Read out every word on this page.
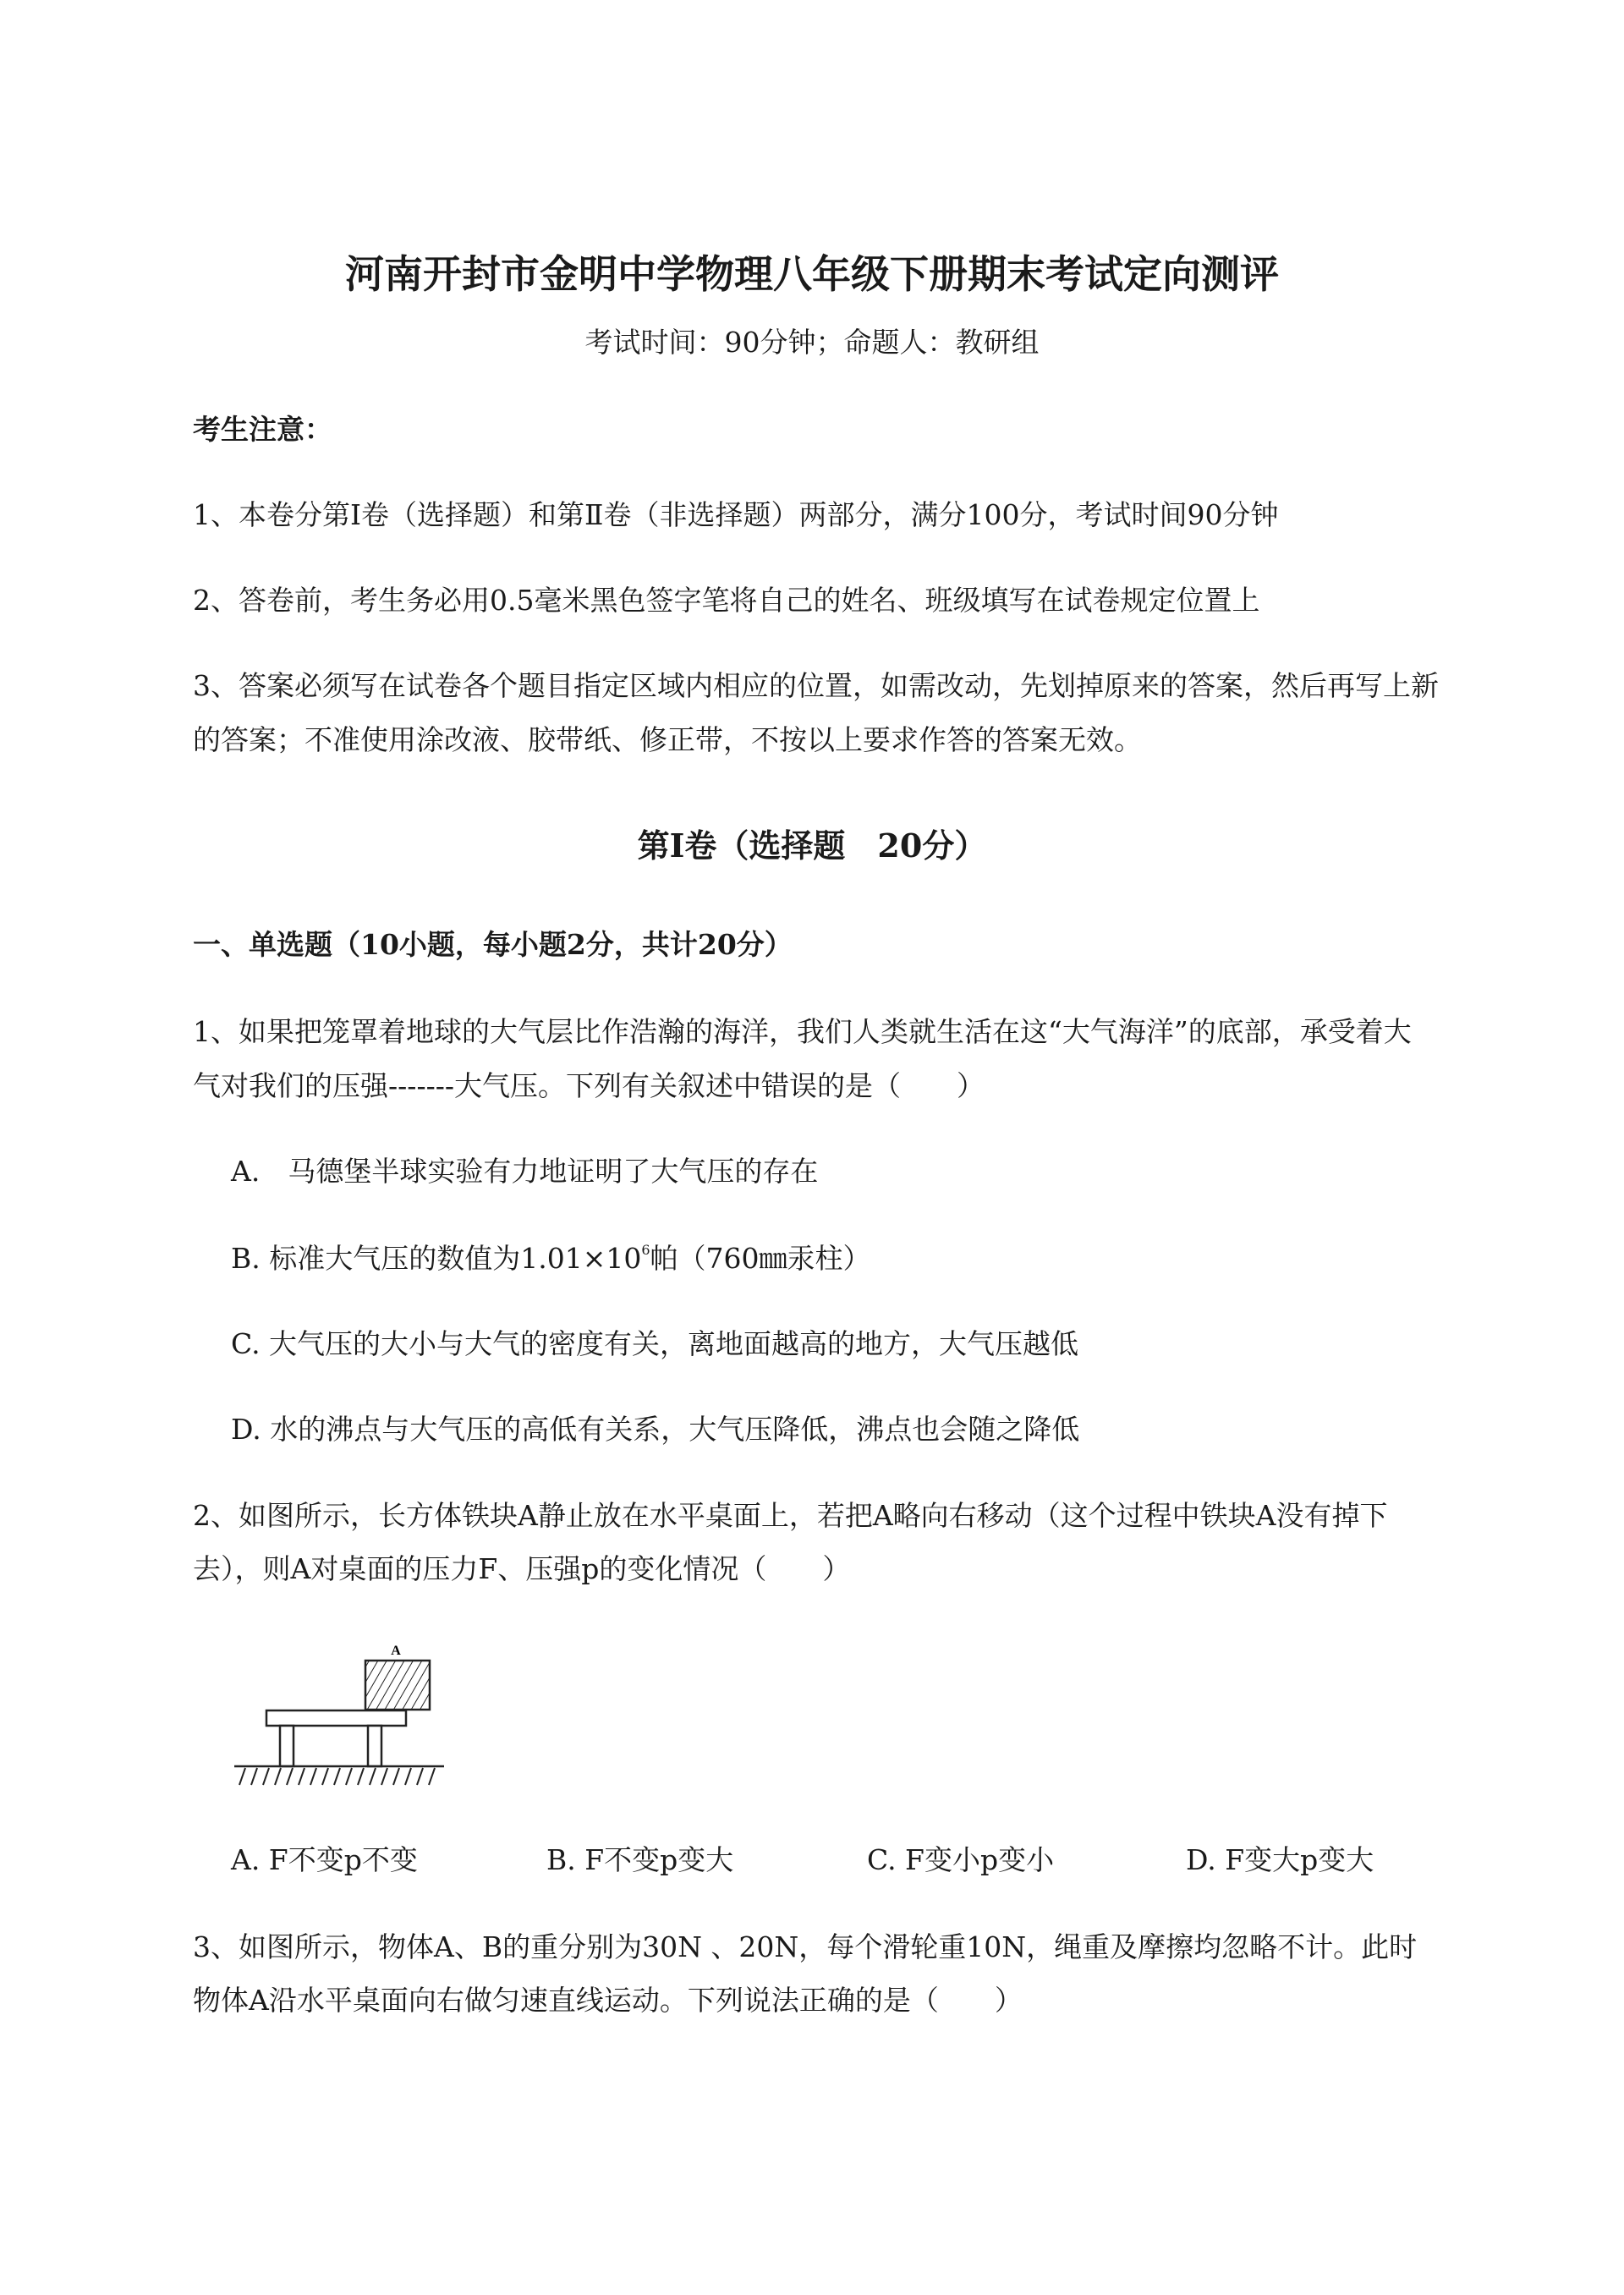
河南开封市金明中学物理八年级下册期末考试定向测评
考试时间：90分钟；命题人：教研组
考生注意：
1、本卷分第Ⅰ卷（选择题）和第Ⅱ卷（非选择题）两部分，满分100分，考试时间90分钟
2、答卷前，考生务必用0.5毫米黑色签字笔将自己的姓名、班级填写在试卷规定位置上
3、答案必须写在试卷各个题目指定区域内相应的位置，如需改动，先划掉原来的答案，然后再写上新
的答案；不准使用涂改液、胶带纸、修正带，不按以上要求作答的答案无效。
第Ⅰ卷（选择题　20分）
一、单选题（10小题，每小题2分，共计20分）
1、如果把笼罩着地球的大气层比作浩瀚的海洋，我们人类就生活在这“大气海洋”的底部，承受着大
气对我们的压强-------大气压。下列有关叙述中错误的是（　　）
A.　马德堡半球实验有力地证明了大气压的存在
B. 标准大气压的数值为$1.01\times 10^6$帕（760㎜汞柱）
C. 大气压的大小与大气的密度有关，离地面越高的地方，大气压越低
D. 水的沸点与大气压的高低有关系，大气压降低，沸点也会随之降低
2、如图所示，长方体铁块A静止放在水平桌面上，若把A略向右移动（这个过程中铁块A没有掉下
去），则A对桌面的压力F、压强p的变化情况（　　）
A
A. F不变p不变	B. F不变p变大	C. F变小p变小	D. F变大p变大
3、如图所示，物体A、B的重分别为30N 、20N，每个滑轮重10N，绳重及摩擦均忽略不计。此时
物体A沿水平桌面向右做匀速直线运动。下列说法正确的是（　　）
